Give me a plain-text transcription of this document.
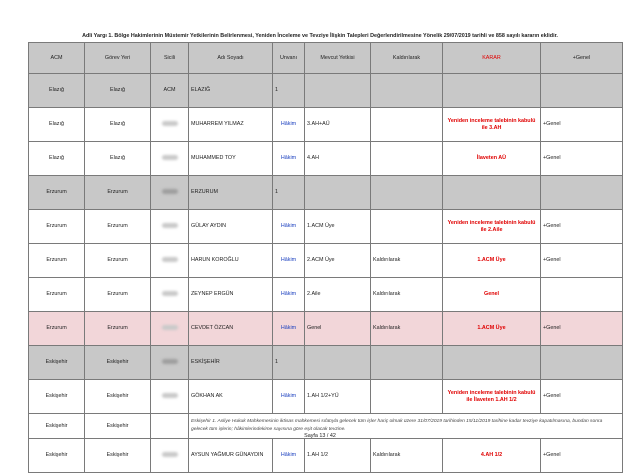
Adli Yargı 1. Bölge Hakimlerinin Müstemir Yetkilerinin Belirlenmesi, Yeniden İnceleme ve Tevziye İlişkin Talepleri Değerlendirilmesine Yönelik 29/07/2019 tarihli ve 858 sayılı kararın eklidir.
ACM	Görev Yeri	Sicili	Adı Soyadı	Unvanı	Mevcut Yetkisi	Kaldırılarak	KARAR	+Genel
Elazığ	Elazığ	ACM	ELAZIĞ	1				
Elazığ	Elazığ		MUHARREM YILMAZ	Hâkim	3.AH+AÜ		Yeniden inceleme talebinin kabulü ile 3.AH	+Genel
Elazığ	Elazığ		MUHAMMED TOY	Hâkim	4.AH		İlaveten AÜ	+Genel
Erzurum	Erzurum		ERZURUM	1				
Erzurum	Erzurum		GÜLAY AYDIN	Hâkim	1.ACM Üye		Yeniden inceleme talebinin kabulü ile 2.Aile	+Genel
Erzurum	Erzurum		HARUN KOROĞLU	Hâkim	2.ACM Üye	Kaldırılarak	1.ACM Üye	+Genel
Erzurum	Erzurum		ZEYNEP ERGÜN	Hâkim	2.Aile	Kaldırılarak	Genel	
Erzurum	Erzurum		CEVDET ÖZCAN	Hâkim	Genel	Kaldırılarak	1.ACM Üye	+Genel
Eskişehir	Eskişehir		ESKİŞEHİR	1				
Eskişehir	Eskişehir		GÖKHAN AK	Hâkim	1.AH 1/2+YÜ		Yeniden inceleme talebinin kabulü ile İlaveten 1.AH 1/2	+Genel
Eskişehir	Eskişehir		Eskişehir 1. Asliye Hukuk Mahkemesinin iktisas mahkemesi sıfatıyla gelecek tüm işler hariç olmak üzere 31/07/2019 tarihinden 15/11/2019 tarihine kadar tevziye kapatılmasına, bundan sonra gelecek tüm işlerin; hâkimlerindekime sayısına göre eşit olacak tevzine.					
Eskişehir	Eskişehir		AYSUN YAĞMUR GÜNAYDIN	Hâkim	1.AH 1/2	Kaldırılarak	4.AH 1/2	+Genel
Sayfa 13 / 42
